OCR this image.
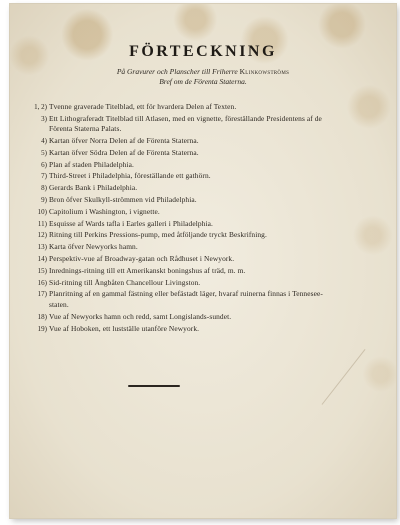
FÖRTECKNING
På Gravurer och Planscher till Friherre Klinkowströms
Bref om de Förenta Staterna.
1, 2) Tvenne graverade Titelblad, ett för hvardera Delen af Texten.
3) Ett Lithograferadt Titelblad till Atlasen, med en vignette, föreställande Presidentens af de Förenta Staterna Palats.
4) Kartan öfver Norra Delen af de Förenta Staterna.
5) Kartan öfver Södra Delen af de Förenta Staterna.
6) Plan af staden Philadelphia.
7) Third-Street i Philadelphia, föreställande ett gathörn.
8) Gerards Bank i Philadelphia.
9) Bron öfver Skulkyll-strömmen vid Philadelphia.
10) Capitolium i Washington, i vignette.
11) Esquisse af Wards tafla i Earles galleri i Philadelphia.
12) Ritning till Perkins Pressions-pump, med åtföljande tryckt Beskrifning.
13) Karta öfver Newyorks hamn.
14) Perspektiv-vue af Broadway-gatan och Rådhuset i Newyork.
15) Inrednings-ritning till ett Amerikanskt boningshus af träd, m. m.
16) Sid-ritning till Ångbåten Chancellour Livingston.
17) Planritning af en gammal fästning eller befästadt läger, hvaraf ruinerna finnas i Tennesee-staten.
18) Vue af Newyorks hamn och redd, samt Longislands-sundet.
19) Vue af Hoboken, ett lustställe utanföre Newyork.
